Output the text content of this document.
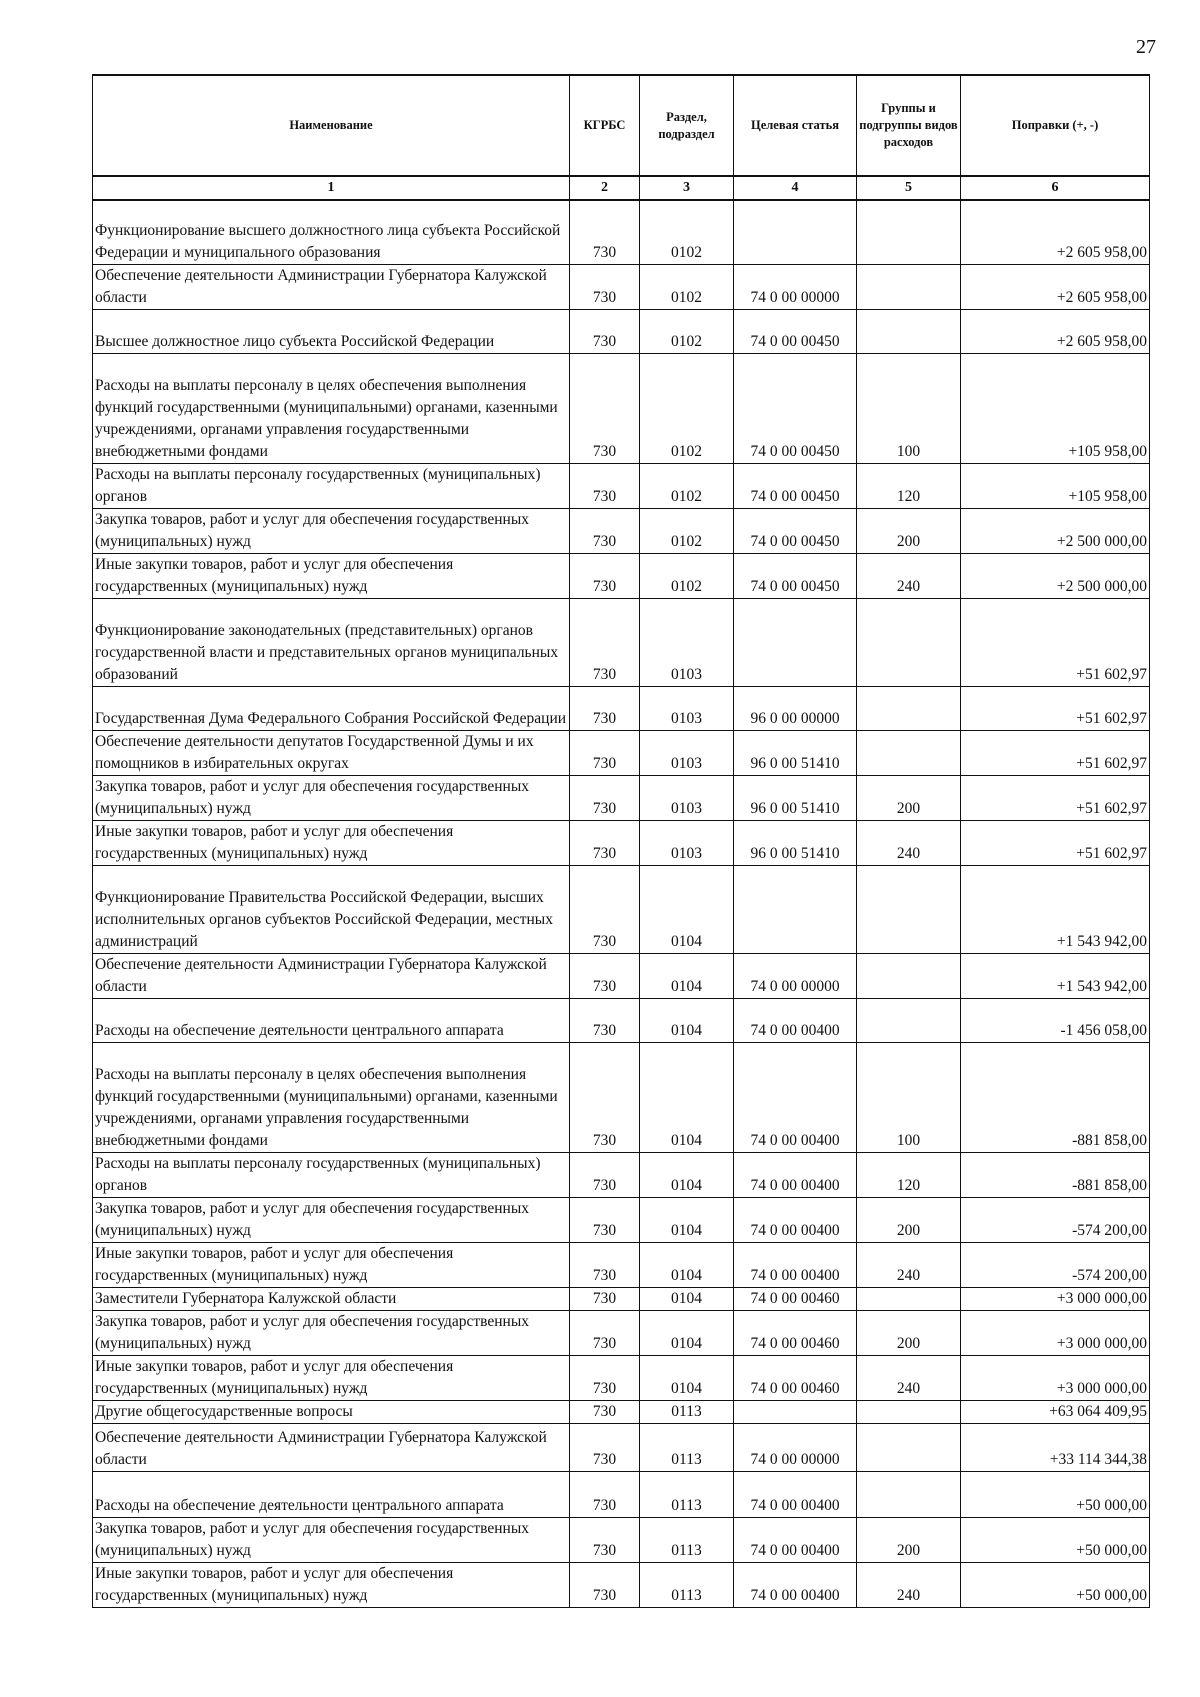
27
Наименование	КГРБС	Раздел, подраздел	Целевая статья	Группы и подгруппы видов расходов	Поправки (+, -)
1	2	3	4	5	6
Функционирование высшего должностного лица субъекта Российской Федерации и муниципального образования	730	0102			+2 605 958,00
Обеспечение деятельности Администрации Губернатора Калужской области	730	0102	74 0 00 00000		+2 605 958,00
Высшее должностное лицо субъекта Российской Федерации	730	0102	74 0 00 00450		+2 605 958,00
Расходы на выплаты персоналу в целях обеспечения выполнения функций государственными (муниципальными) органами, казенными учреждениями, органами управления государственными внебюджетными фондами	730	0102	74 0 00 00450	100	+105 958,00
Расходы на выплаты персоналу государственных (муниципальных) органов	730	0102	74 0 00 00450	120	+105 958,00
Закупка товаров, работ и услуг для обеспечения государственных (муниципальных) нужд	730	0102	74 0 00 00450	200	+2 500 000,00
Иные закупки товаров, работ и услуг для обеспечения государственных (муниципальных) нужд	730	0102	74 0 00 00450	240	+2 500 000,00
Функционирование законодательных (представительных) органов государственной власти и представительных органов муниципальных образований	730	0103			+51 602,97
Государственная Дума Федерального Собрания Российской Федерации	730	0103	96 0 00 00000		+51 602,97
Обеспечение деятельности депутатов Государственной Думы и их помощников в избирательных округах	730	0103	96 0 00 51410		+51 602,97
Закупка товаров, работ и услуг для обеспечения государственных (муниципальных) нужд	730	0103	96 0 00 51410	200	+51 602,97
Иные закупки товаров, работ и услуг для обеспечения государственных (муниципальных) нужд	730	0103	96 0 00 51410	240	+51 602,97
Функционирование Правительства Российской Федерации, высших исполнительных органов субъектов Российской Федерации, местных администраций	730	0104			+1 543 942,00
Обеспечение деятельности Администрации Губернатора Калужской области	730	0104	74 0 00 00000		+1 543 942,00
Расходы на обеспечение деятельности центрального аппарата	730	0104	74 0 00 00400		-1 456 058,00
Расходы на выплаты персоналу в целях обеспечения выполнения функций государственными (муниципальными) органами, казенными учреждениями, органами управления государственными внебюджетными фондами	730	0104	74 0 00 00400	100	-881 858,00
Расходы на выплаты персоналу государственных (муниципальных) органов	730	0104	74 0 00 00400	120	-881 858,00
Закупка товаров, работ и услуг для обеспечения государственных (муниципальных) нужд	730	0104	74 0 00 00400	200	-574 200,00
Иные закупки товаров, работ и услуг для обеспечения государственных (муниципальных) нужд	730	0104	74 0 00 00400	240	-574 200,00
Заместители Губернатора Калужской области	730	0104	74 0 00 00460		+3 000 000,00
Закупка товаров, работ и услуг для обеспечения государственных (муниципальных) нужд	730	0104	74 0 00 00460	200	+3 000 000,00
Иные закупки товаров, работ и услуг для обеспечения государственных (муниципальных) нужд	730	0104	74 0 00 00460	240	+3 000 000,00
Другие общегосударственные вопросы	730	0113			+63 064 409,95
Обеспечение деятельности Администрации Губернатора Калужской области	730	0113	74 0 00 00000		+33 114 344,38
Расходы на обеспечение деятельности центрального аппарата	730	0113	74 0 00 00400		+50 000,00
Закупка товаров, работ и услуг для обеспечения государственных (муниципальных) нужд	730	0113	74 0 00 00400	200	+50 000,00
Иные закупки товаров, работ и услуг для обеспечения государственных (муниципальных) нужд	730	0113	74 0 00 00400	240	+50 000,00
